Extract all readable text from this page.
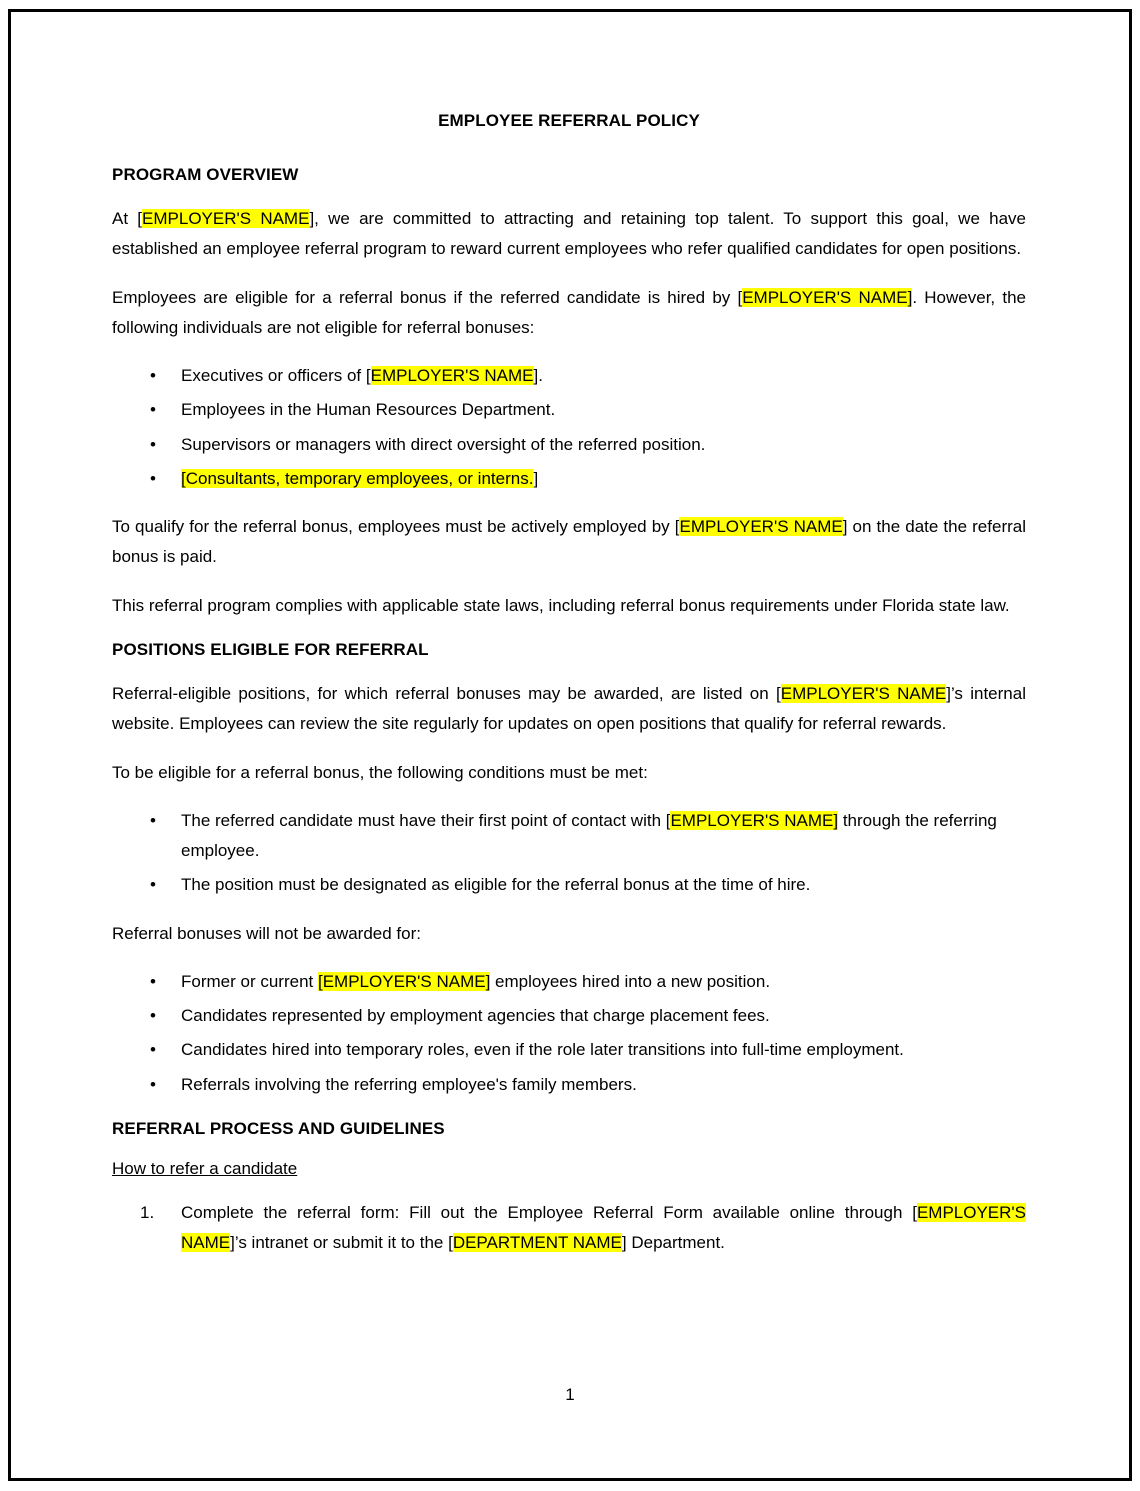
EMPLOYEE REFERRAL POLICY
PROGRAM OVERVIEW

At [EMPLOYER'S NAME], we are committed to attracting and retaining top talent. To support this goal, we have established an employee referral program to reward current employees who refer qualified candidates for open positions.

Employees are eligible for a referral bonus if the referred candidate is hired by [EMPLOYER'S NAME]. However, the following individuals are not eligible for referral bonuses:

• Executives or officers of [EMPLOYER'S NAME].
• Employees in the Human Resources Department.
• Supervisors or managers with direct oversight of the referred position.
• [Consultants, temporary employees, or interns.]

To qualify for the referral bonus, employees must be actively employed by [EMPLOYER'S NAME] on the date the referral bonus is paid.

This referral program complies with applicable state laws, including referral bonus requirements under Florida state law.

POSITIONS ELIGIBLE FOR REFERRAL

Referral-eligible positions, for which referral bonuses may be awarded, are listed on [EMPLOYER'S NAME]’s internal website. Employees can review the site regularly for updates on open positions that qualify for referral rewards.

To be eligible for a referral bonus, the following conditions must be met:

• The referred candidate must have their first point of contact with [EMPLOYER'S NAME] through the referring employee.
• The position must be designated as eligible for the referral bonus at the time of hire.

Referral bonuses will not be awarded for:

• Former or current [EMPLOYER'S NAME] employees hired into a new position.
• Candidates represented by employment agencies that charge placement fees.
• Candidates hired into temporary roles, even if the role later transitions into full-time employment.
• Referrals involving the referring employee's family members.
REFERRAL PROCESS AND GUIDELINES
How to refer a candidate
1. Complete the referral form: Fill out the Employee Referral Form available online through [EMPLOYER'S NAME]’s intranet or submit it to the [DEPARTMENT NAME] Department.
1
